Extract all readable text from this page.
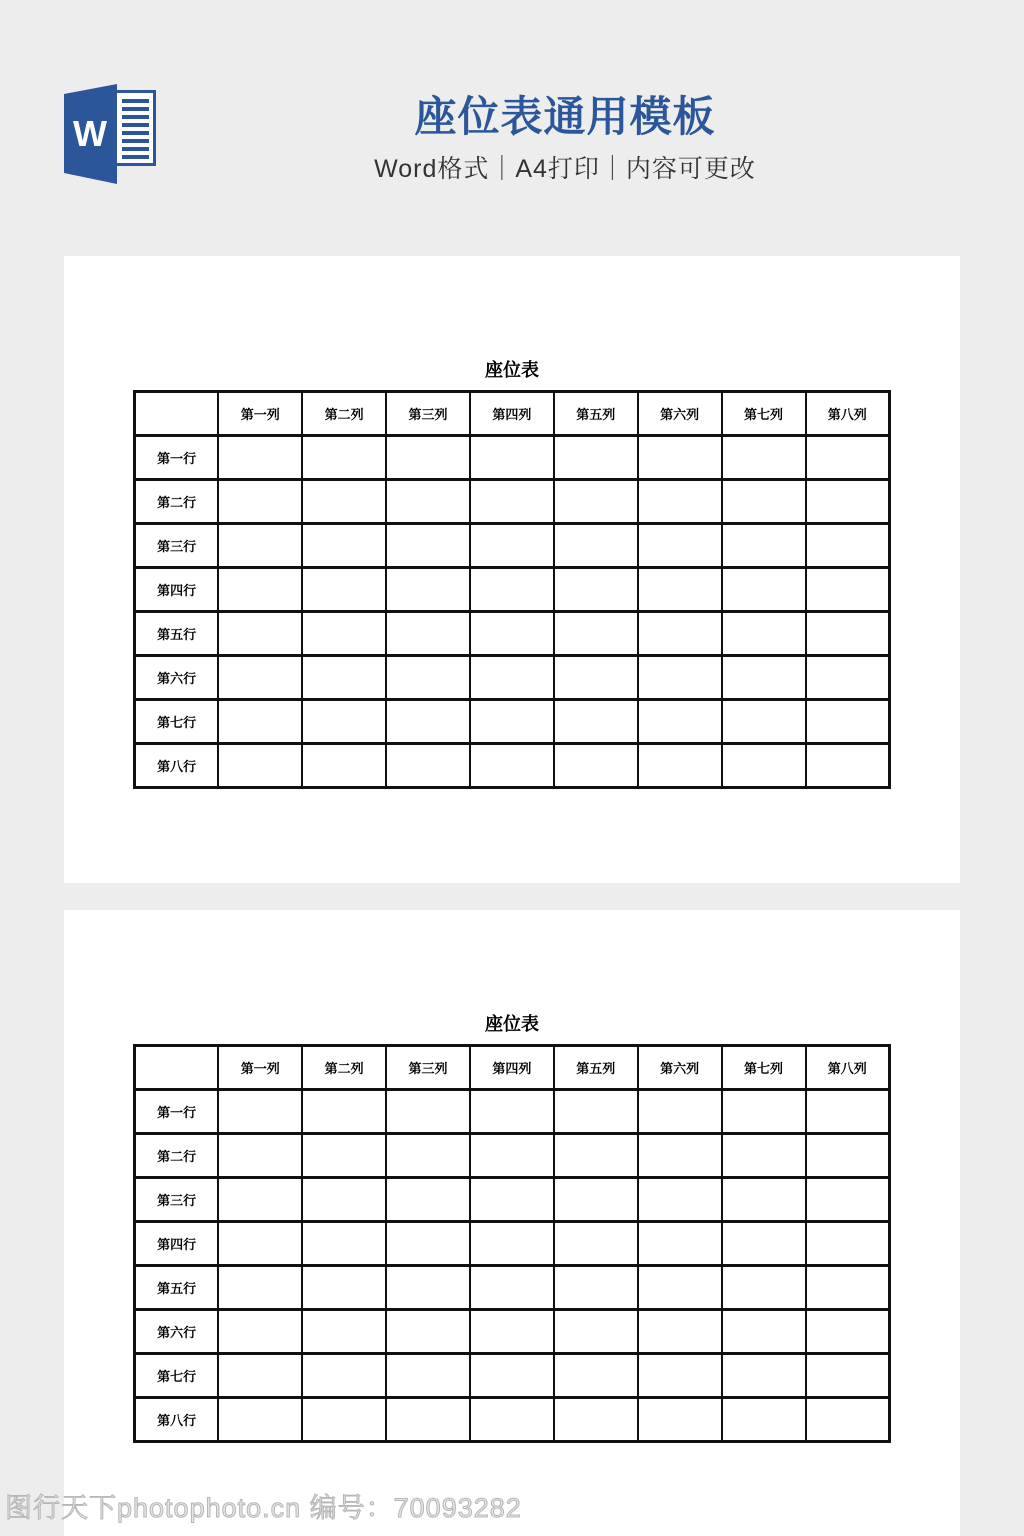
W	座位表通用模板
Word格式｜A4打印｜内容可更改
座位表
	第一列	第二列	第三列	第四列	第五列	第六列	第七列	第八列
第一行								
第二行								
第三行								
第四行								
第五行								
第六行								
第七行								
第八行								
座位表
	第一列	第二列	第三列	第四列	第五列	第六列	第七列	第八列
第一行								
第二行								
第三行								
第四行								
第五行								
第六行								
第七行								
第八行								
图行天下photophoto.cn 编号：70093282
